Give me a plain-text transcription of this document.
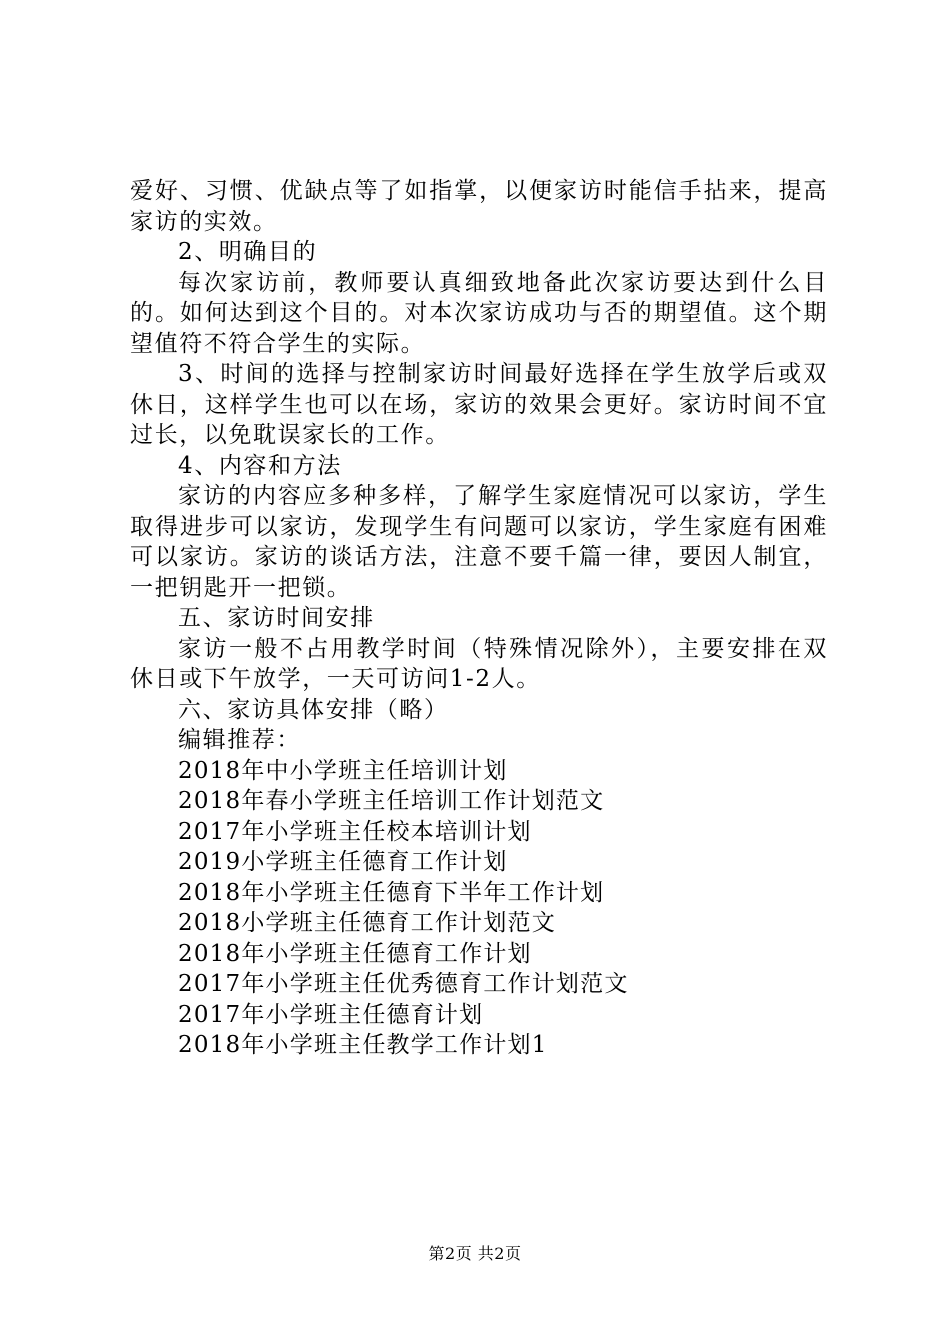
爱好、习惯、优缺点等了如指掌，以便家访时能信手拈来，提高家访的实效。

2、明确目的

每次家访前，教师要认真细致地备此次家访要达到什么目的。如何达到这个目的。对本次家访成功与否的期望值。这个期望值符不符合学生的实际。

3、时间的选择与控制家访时间最好选择在学生放学后或双休日，这样学生也可以在场，家访的效果会更好。家访时间不宜过长，以免耽误家长的工作。

4、内容和方法

家访的内容应多种多样，了解学生家庭情况可以家访，学生取得进步可以家访，发现学生有问题可以家访，学生家庭有困难可以家访。家访的谈话方法，注意不要千篇一律，要因人制宜，一把钥匙开一把锁。

五、家访时间安排

家访一般不占用教学时间（特殊情况除外），主要安排在双休日或下午放学，一天可访问1-2人。

六、家访具体安排（略）

编辑推荐：

2018年中小学班主任培训计划
2018年春小学班主任培训工作计划范文
2017年小学班主任校本培训计划
2019小学班主任德育工作计划
2018年小学班主任德育下半年工作计划
2018小学班主任德育工作计划范文
2018年小学班主任德育工作计划
2017年小学班主任优秀德育工作计划范文
2017年小学班主任德育计划
2018年小学班主任教学工作计划1
第2页 共2页
